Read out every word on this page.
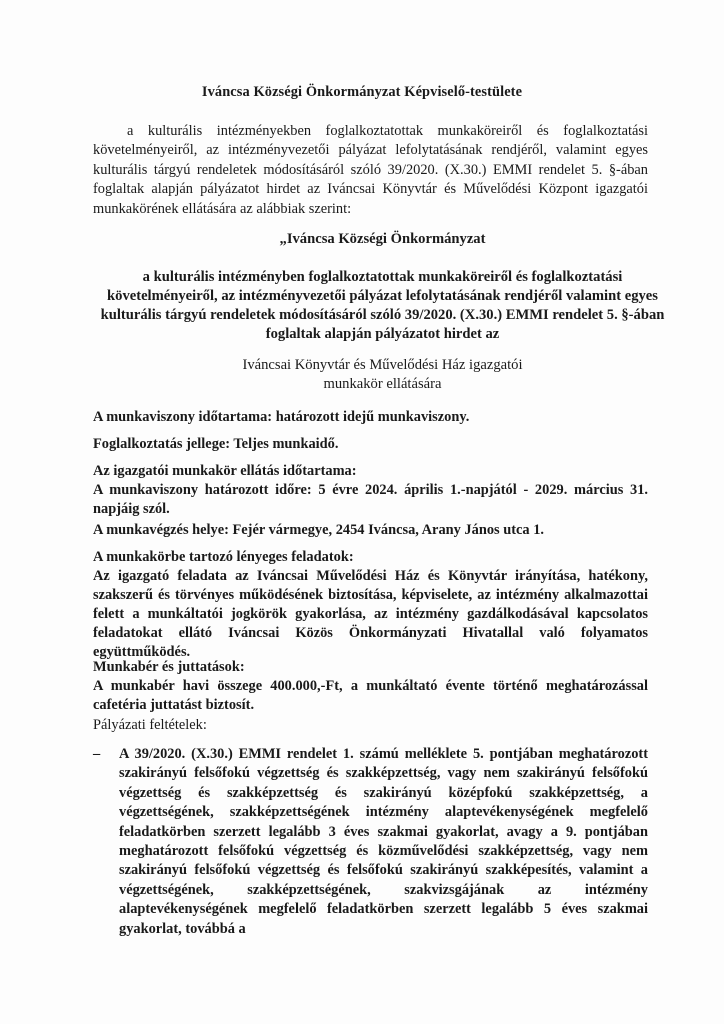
Iváncsa Községi Önkormányzat Képviselő-testülete
a kulturális intézményekben foglalkoztatottak munkaköreiről és foglalkoztatási követelményeiről, az intézményvezetői pályázat lefolytatásának rendjéről, valamint egyes kulturális tárgyú rendeletek módosításáról szóló 39/2020. (X.30.) EMMI rendelet 5. §-ában foglaltak alapján pályázatot hirdet az Iváncsai Könyvtár és Művelődési Központ igazgatói munkakörének ellátására az alábbiak szerint:
„Iváncsa Községi Önkormányzat
a kulturális intézményben foglalkoztatottak munkaköreiről és foglalkoztatási követelményeiről, az intézményvezetői pályázat lefolytatásának rendjéről valamint egyes kulturális tárgyú rendeletek módosításáról szóló 39/2020. (X.30.) EMMI rendelet 5. §-ában foglaltak alapján pályázatot hirdet az
Iváncsai Könyvtár és Művelődési Ház igazgatói
munkakör ellátására
A munkaviszony időtartama: határozott idejű munkaviszony.
Foglalkoztatás jellege: Teljes munkaidő.
Az igazgatói munkakör ellátás időtartama:
A munkaviszony határozott időre: 5 évre 2024. április 1.-napjától - 2029. március 31. napjáig szól.
A munkavégzés helye: Fejér vármegye, 2454 Iváncsa, Arany János utca 1.
A munkakörbe tartozó lényeges feladatok:
Az igazgató feladata az Iváncsai Művelődési Ház és Könyvtár irányítása, hatékony, szakszerű és törvényes működésének biztosítása, képviselete, az intézmény alkalmazottai felett a munkáltatói jogkörök gyakorlása, az intézmény gazdálkodásával kapcsolatos feladatokat ellátó Iváncsai Közös Önkormányzati Hivatallal való folyamatos együttműködés.
Munkabér és juttatások:
A munkabér havi összege 400.000,-Ft, a munkáltató évente történő meghatározással cafetéria juttatást biztosít.
Pályázati feltételek:
– A 39/2020. (X.30.) EMMI rendelet 1. számú melléklete 5. pontjában meghatározott szakirányú felsőfokú végzettség és szakképzettség, vagy nem szakirányú felsőfokú végzettség és szakképzettség és szakirányú középfokú szakképzettség, a végzettségének, szakképzettségének intézmény alaptevékenységének megfelelő feladatkörben szerzett legalább 3 éves szakmai gyakorlat, avagy a 9. pontjában meghatározott felsőfokú végzettség és közművelődési szakképzettség, vagy nem szakirányú felsőfokú végzettség és felsőfokú szakirányú szakképesítés, valamint a végzettségének, szakképzettségének, szakvizsgájának az intézmény alaptevékenységének megfelelő feladatkörben szerzett legalább 5 éves szakmai gyakorlat, továbbá a
